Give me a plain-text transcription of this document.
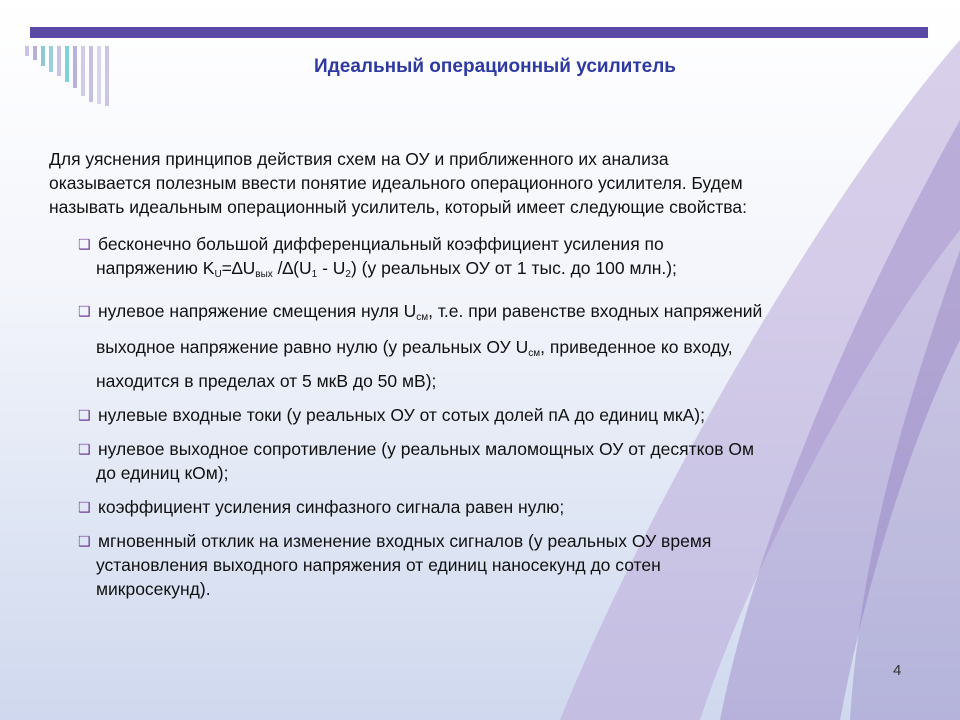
Идеальный операционный усилитель
Для уяснения принципов действия схем на ОУ и приближенного их анализа
оказывается полезным ввести понятие идеального операционного усилителя. Будем
называть идеальным операционный усилитель, который имеет следующие свойства:
❑ бесконечно большой дифференциальный коэффициент усиления по
напряжению $K_U=\Delta U_{вых}$ $/\Delta(U_1 - U_2)$ (у реальных ОУ от 1 тыс. до 100 млн.);
❑ нулевое напряжение смещения нуля $U_{см}$, т.е. при равенстве входных напряжений
выходное напряжение равно нулю (у реальных ОУ $U_{см}$, приведенное ко входу,
находится в пределах от 5 мкВ до 50 мВ);
❑ нулевые входные токи (у реальных ОУ от сотых долей пА до единиц мкА);
❑ нулевое выходное сопротивление (у реальных маломощных ОУ от десятков Ом
до единиц кОм);
❑ коэффициент усиления синфазного сигнала равен нулю;
❑ мгновенный отклик на изменение входных сигналов (у реальных ОУ время
установления выходного напряжения от единиц наносекунд до сотен
микросекунд).
4
